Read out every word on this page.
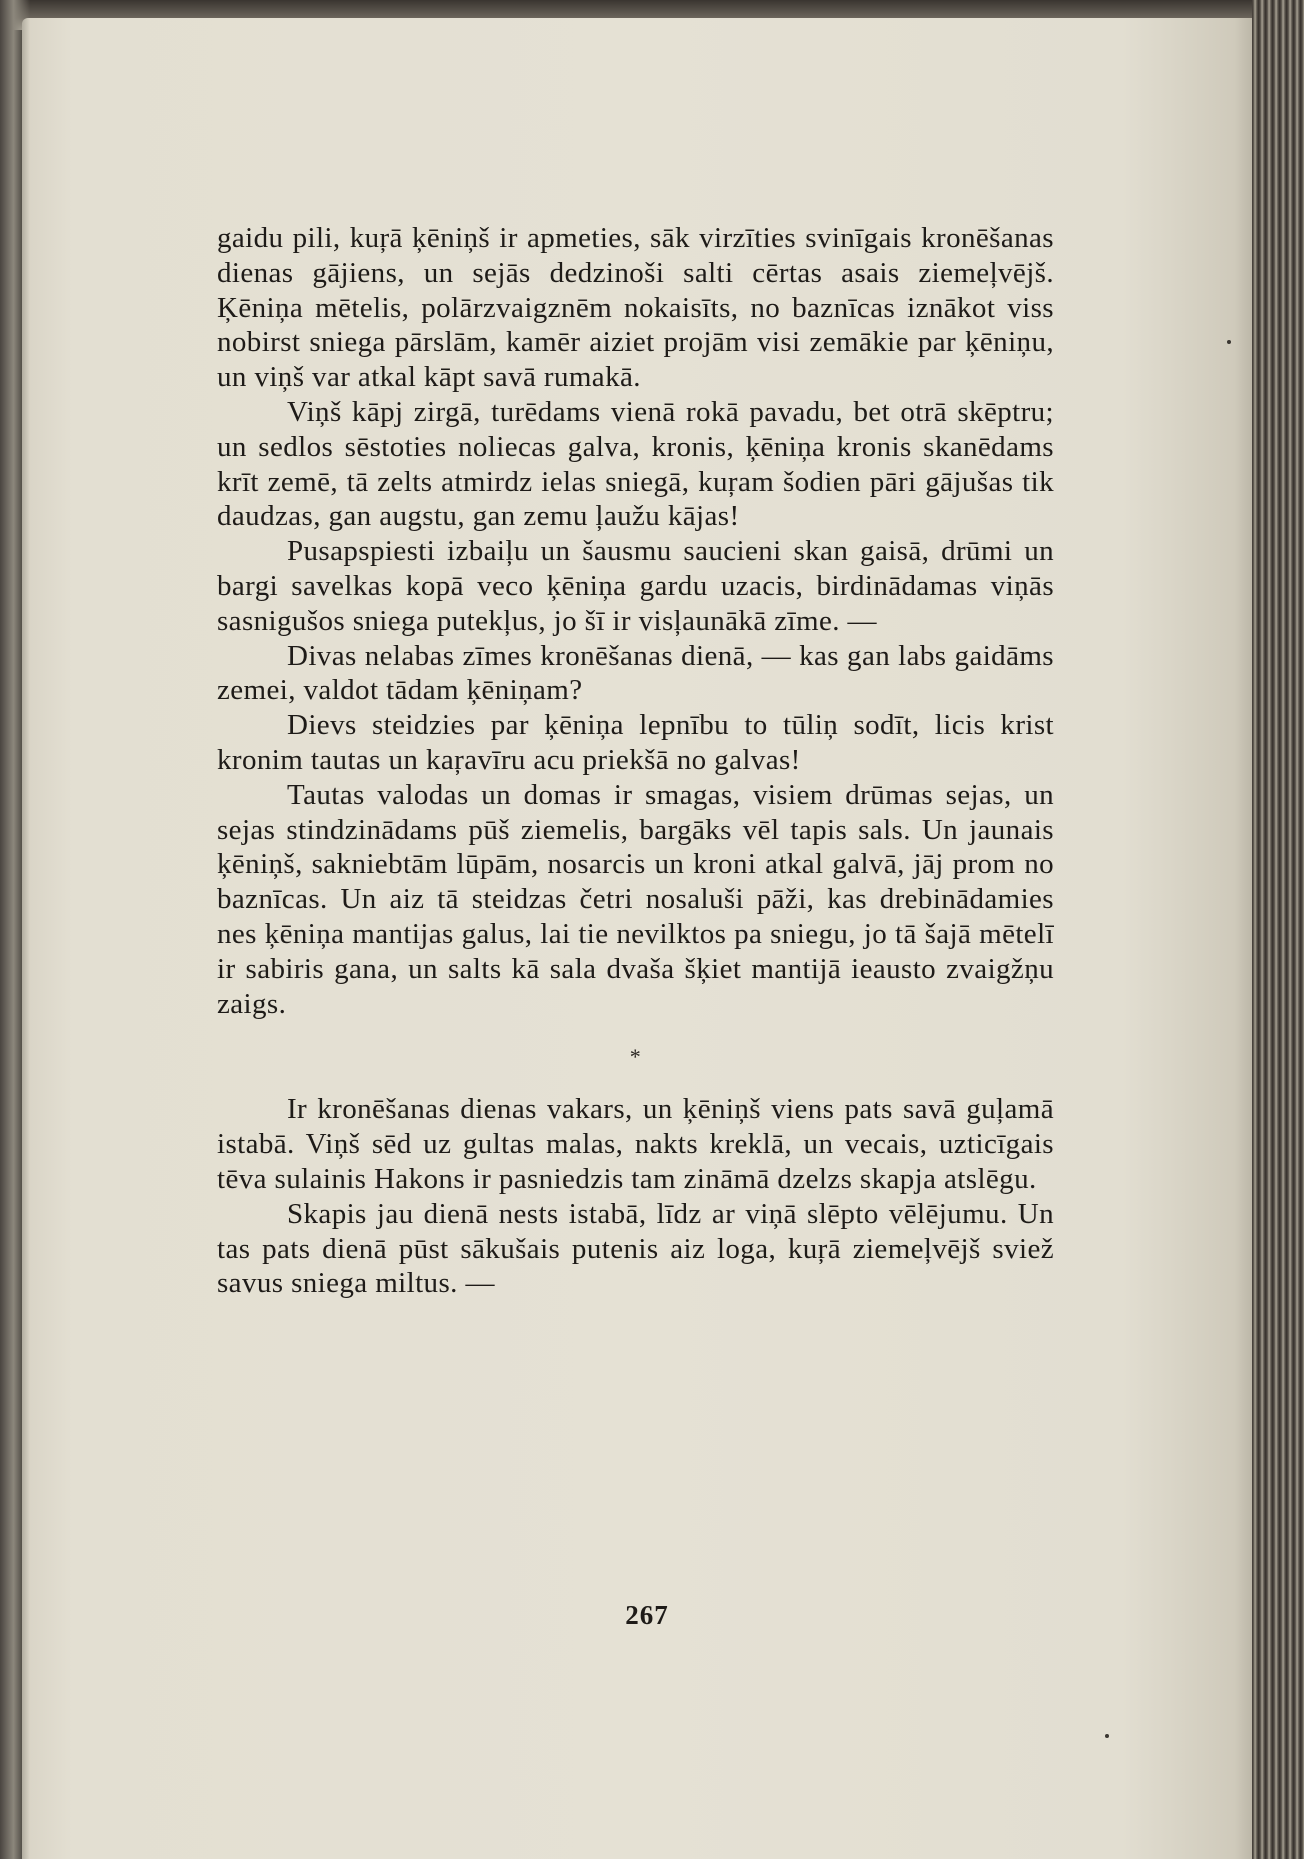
gaidu pili, kuŗā ķēniņš ir apmeties, sāk virzīties svinīgais kronēšanas dienas gājiens, un sejās dedzinoši salti cērtas asais ziemeļvējš. Ķēniņa mētelis, polārzvaigznēm nokaisīts, no baznīcas iznākot viss nobirst sniega pārslām, kamēr aiziet projām visi zemākie par ķēniņu, un viņš var atkal kāpt savā rumakā.

Viņš kāpj zirgā, turēdams vienā rokā pavadu, bet otrā skēptru; un sedlos sēstoties noliecas galva, kronis, ķēniņa kronis skanēdams krīt zemē, tā zelts atmirdz ielas sniegā, kuŗam šodien pāri gājušas tik daudzas, gan augstu, gan zemu ļaužu kājas!

Pusapspiesti izbaiļu un šausmu saucieni skan gaisā, drūmi un bargi savelkas kopā veco ķēniņa gardu uzacis, birdinādamas viņās sasnigušos sniega putekļus, jo šī ir visļaunākā zīme. —

Divas nelabas zīmes kronēšanas dienā, — kas gan labs gaidāms zemei, valdot tādam ķēniņam?

Dievs steidzies par ķēniņa lepnību to tūliņ sodīt, licis krist kronim tautas un kaŗavīru acu priekšā no galvas!

Tautas valodas un domas ir smagas, visiem drūmas sejas, un sejas stindzinādams pūš ziemelis, bargāks vēl tapis sals. Un jaunais ķēniņš, sakniebtām lūpām, nosarcis un kroni atkal galvā, jāj prom no baznīcas. Un aiz tā steidzas četri nosaluši pāži, kas drebinādamies nes ķēniņa mantijas galus, lai tie nevilktos pa sniegu, jo tā šajā mētelī ir sabiris gana, un salts kā sala dvaša šķiet mantijā ieausto zvaigžņu zaigs.

*

Ir kronēšanas dienas vakars, un ķēniņš viens pats savā guļamā istabā. Viņš sēd uz gultas malas, nakts kreklā, un vecais, uzticīgais tēva sulainis Hakons ir pasniedzis tam zināmā dzelzs skapja atslēgu.

Skapis jau dienā nests istabā, līdz ar viņā slēpto vēlējumu. Un tas pats dienā pūst sākušais putenis aiz loga, kuŗā ziemeļvējš sviež savus sniega miltus. —

267
